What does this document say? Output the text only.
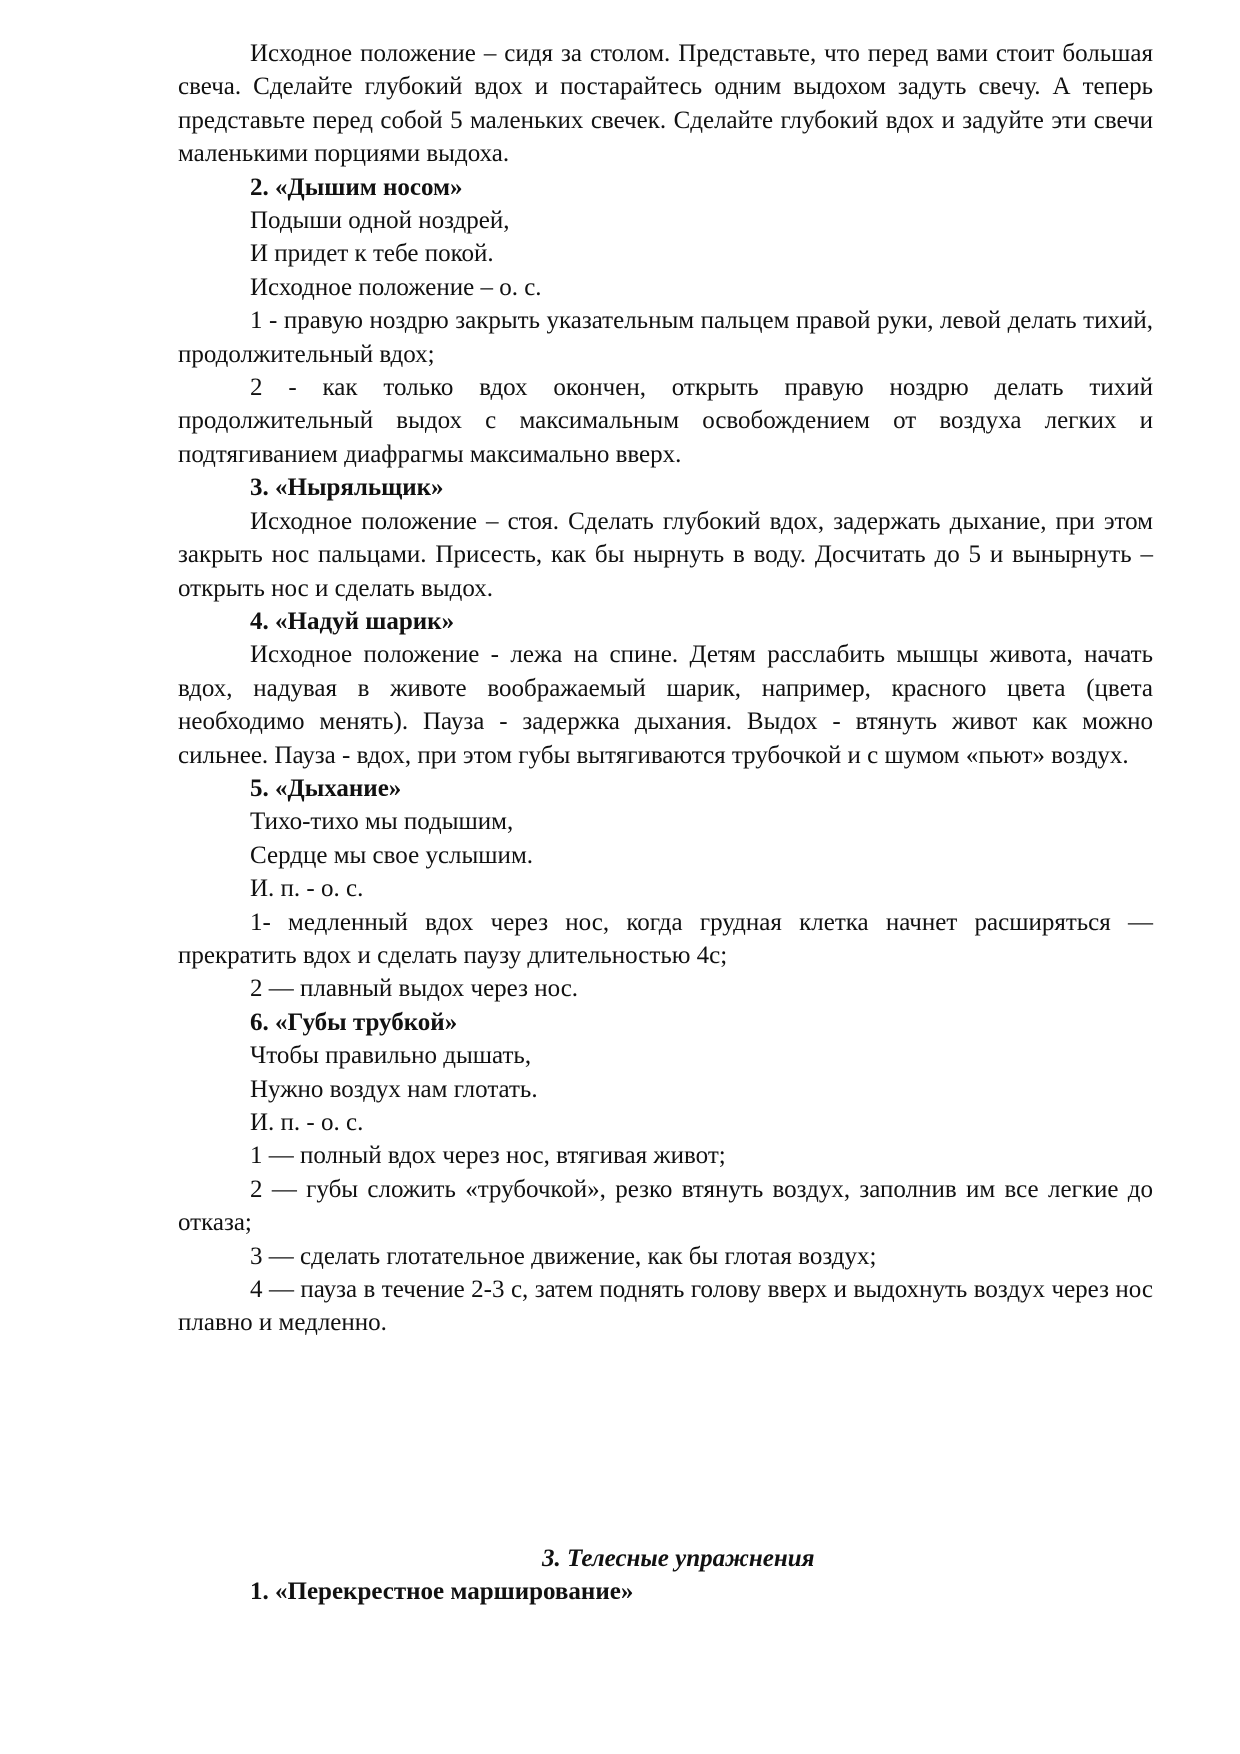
Исходное положение – сидя за столом. Представьте, что перед вами стоит большая свеча. Сделайте глубокий вдох и постарайтесь одним выдохом задуть свечу. А теперь представьте перед собой 5 маленьких свечек. Сделайте глубокий вдох и задуйте эти свечи маленькими порциями выдоха.

2. «Дышим носом»

Подыши одной ноздрей,

И придет к тебе покой.

Исходное положение – о. с.

1 - правую ноздрю закрыть указательным пальцем правой руки, левой делать тихий, продолжительный вдох;

2 - как только вдох окончен, открыть правую ноздрю делать тихий продолжительный выдох с максимальным освобождением от воздуха легких и подтягиванием диафрагмы максимально вверх.

3. «Ныряльщик»

Исходное положение – стоя. Сделать глубокий вдох, задержать дыхание, при этом закрыть нос пальцами. Присесть, как бы нырнуть в воду. Досчитать до 5 и вынырнуть – открыть нос и сделать выдох.

4. «Надуй шарик»

Исходное положение - лежа на спине. Детям расслабить мышцы живота, начать вдох, надувая в животе воображаемый шарик, например, красного цвета (цвета необходимо менять). Пауза - задержка дыхания. Выдох - втянуть живот как можно сильнее. Пауза - вдох, при этом губы вытягиваются трубочкой и с шумом «пьют» воздух.

5. «Дыхание»

Тихо-тихо мы подышим,

Сердце мы свое услышим.

И. п. - о. с.

1- медленный вдох через нос, когда грудная клетка начнет расширяться — прекратить вдох и сделать паузу длительностью 4с;

2 — плавный выдох через нос.

6. «Губы трубкой»

Чтобы правильно дышать,

Нужно воздух нам глотать.

И. п. - о. с.

1 — полный вдох через нос, втягивая живот;

2 — губы сложить «трубочкой», резко втянуть воздух, заполнив им все легкие до отказа;

3 — сделать глотательное движение, как бы глотая воздух;

4 — пауза в течение 2-3 с, затем поднять голову вверх и выдохнуть воздух через нос плавно и медленно.

3. Телесные упражнения

1. «Перекрестное марширование»
